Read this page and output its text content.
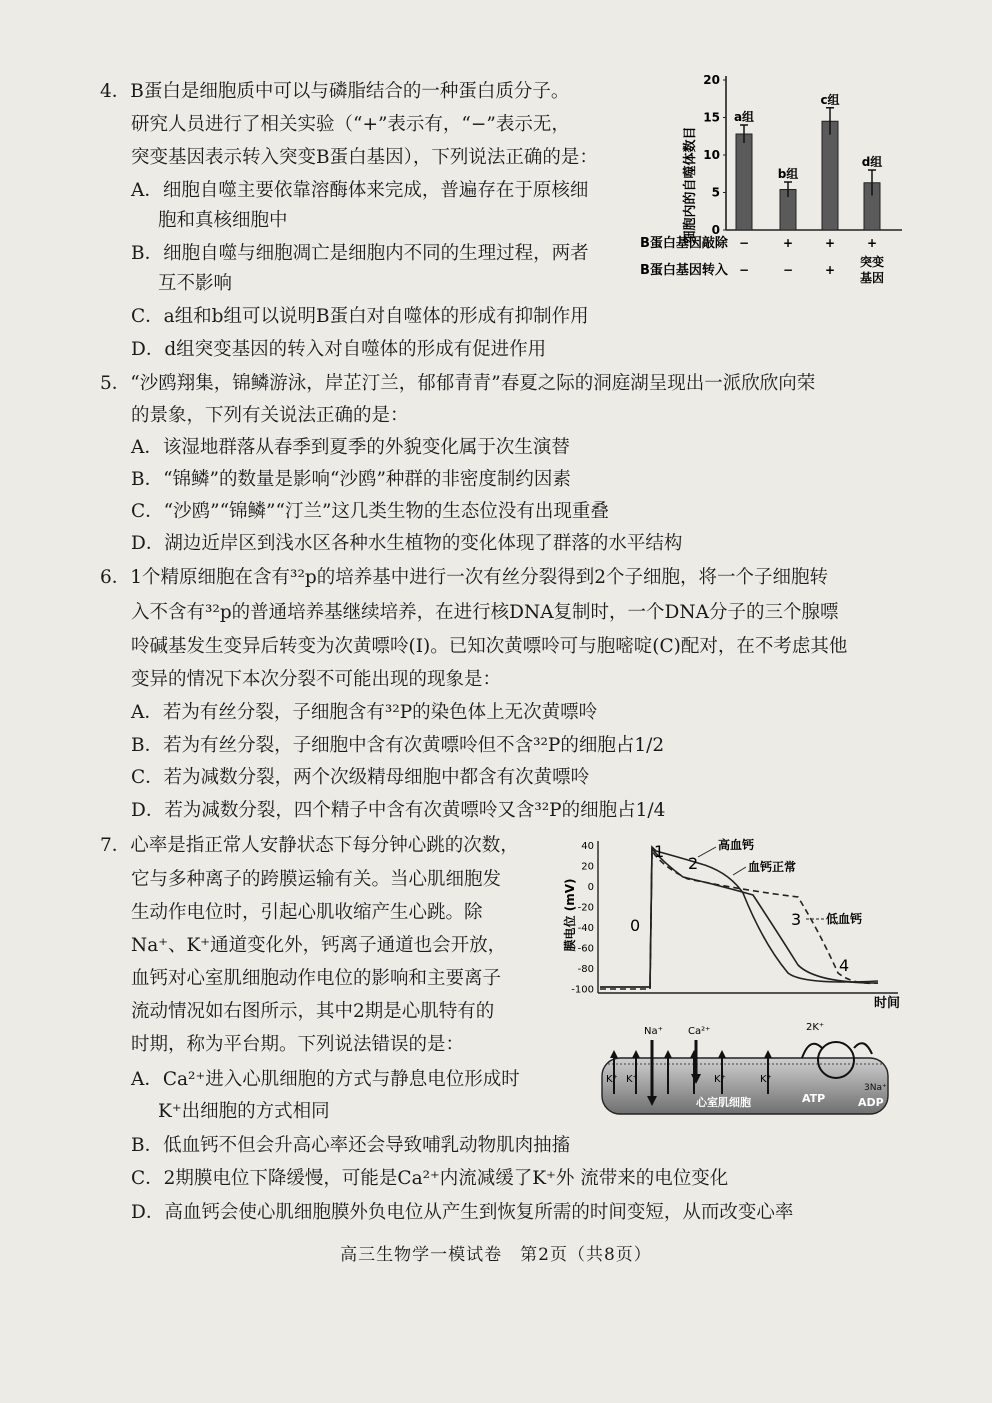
4．B蛋白是细胞质中可以与磷脂结合的一种蛋白质分子。
研究人员进行了相关实验（“+”表示有，“−”表示无，
突变基因表示转入突变B蛋白基因），下列说法正确的是：
A．细胞自噬主要依靠溶酶体来完成，普遍存在于原核细
胞和真核细胞中
B．细胞自噬与细胞凋亡是细胞内不同的生理过程，两者
互不影响
C．a组和b组可以说明B蛋白对自噬体的形成有抑制作用
D．d组突变基因的转入对自噬体的形成有促进作用
细胞内的自噬体数目 0
5
10
15
20
a组
b组
c组
d组
B蛋白基因敲除
B蛋白基因转入
−	+	+	+
−	−	+
突变
基因
5．“沙鸥翔集，锦鳞游泳，岸芷汀兰，郁郁青青”春夏之际的洞庭湖呈现出一派欣欣向荣
的景象，下列有关说法正确的是：
A．该湿地群落从春季到夏季的外貌变化属于次生演替
B．“锦鳞”的数量是影响“沙鸥”种群的非密度制约因素
C．“沙鸥”“锦鳞”“汀兰”这几类生物的生态位没有出现重叠
D．湖边近岸区到浅水区各种水生植物的变化体现了群落的水平结构
6．1个精原细胞在含有³²p的培养基中进行一次有丝分裂得到2个子细胞，将一个子细胞转
入不含有³²p的普通培养基继续培养，在进行核DNA复制时，一个DNA分子的三个腺嘌
呤碱基发生变异后转变为次黄嘌呤(I)。已知次黄嘌呤可与胞嘧啶(C)配对，在不考虑其他
变异的情况下本次分裂不可能出现的现象是：
A．若为有丝分裂，子细胞含有³²P的染色体上无次黄嘌呤
B．若为有丝分裂，子细胞中含有次黄嘌呤但不含³²P的细胞占1/2
C．若为减数分裂，两个次级精母细胞中都含有次黄嘌呤
D．若为减数分裂，四个精子中含有次黄嘌呤又含³²P的细胞占1/4
7．心率是指正常人安静状态下每分钟心跳的次数，
它与多种离子的跨膜运输有关。当心肌细胞发
生动作电位时，引起心肌收缩产生心跳。除
Na⁺、K⁺通道变化外，钙离子通道也会开放，
血钙对心室肌细胞动作电位的影响和主要离子
流动情况如右图所示，其中2期是心肌特有的
时期，称为平台期。下列说法错误的是：
A．Ca²⁺进入心肌细胞的方式与静息电位形成时
K⁺出细胞的方式相同
B．低血钙不但会升高心率还会导致哺乳动物肌肉抽搐
C．2期膜电位下降缓慢，可能是Ca²⁺内流减缓了K⁺外 流带来的电位变化
D．高血钙会使心肌细胞膜外负电位从产生到恢复所需的时间变短，从而改变心率
膜电位 (mV)
40
20
0
-20
-40
-60
-80
-100
0
1
2
3
4
高血钙
血钙正常
低血钙
时间
Na⁺	Ca²⁺	2K⁺
K⁺ K⁺	K⁺	K⁺
心室肌细胞	ATP
3Na⁺
ADP
高三生物学一模试卷　第2页（共8页）
